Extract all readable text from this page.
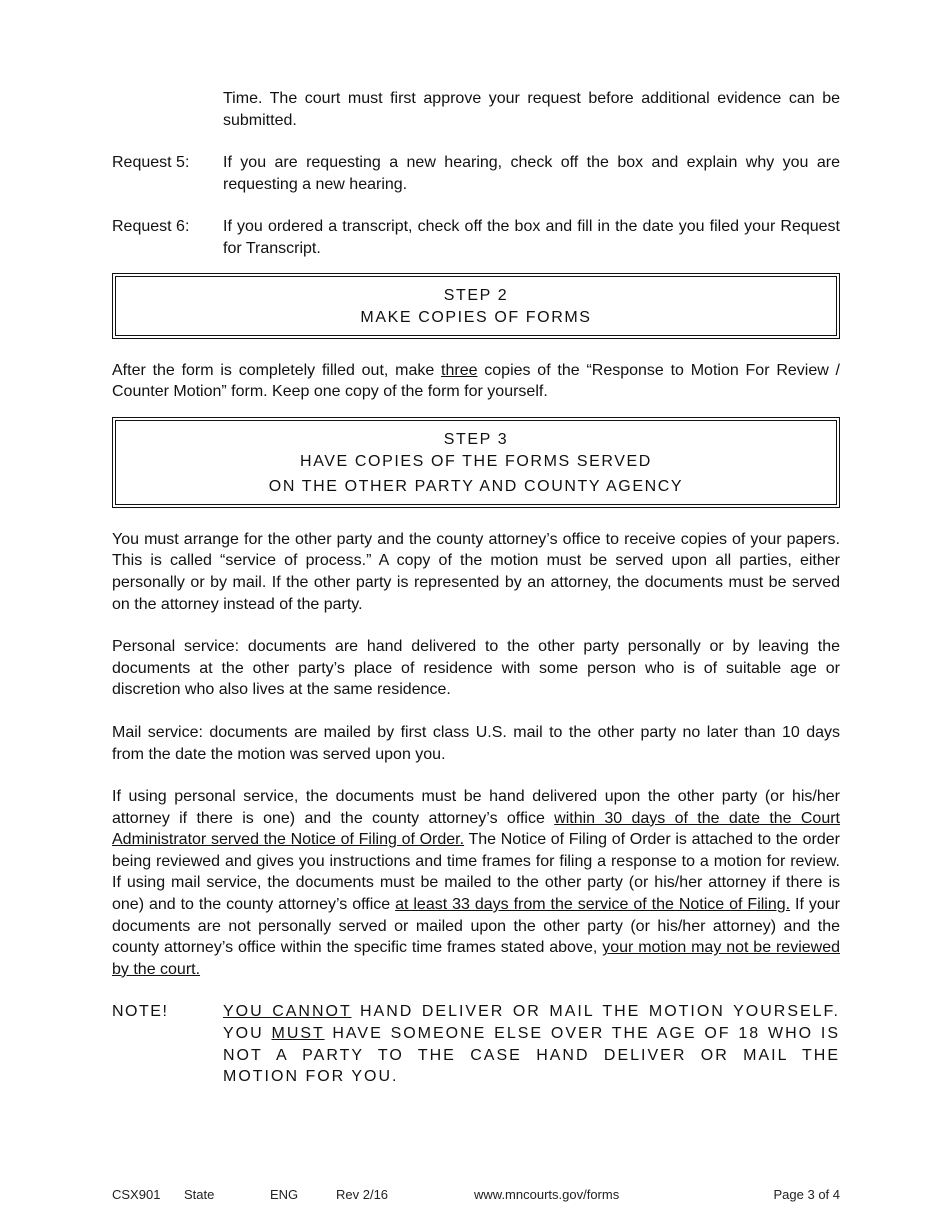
Time. The court must first approve your request before additional evidence can be submitted.

Request 5:	If you are requesting a new hearing, check off the box and explain why you are requesting a new hearing.
Request 6:	If you ordered a transcript, check off the box and fill in the date you filed your Request for Transcript.
STEP 2
MAKE COPIES OF FORMS

After the form is completely filled out, make three copies of the “Response to Motion For Review / Counter Motion” form. Keep one copy of the form for yourself.

STEP 3
HAVE COPIES OF THE FORMS SERVED
ON THE OTHER PARTY AND COUNTY AGENCY

You must arrange for the other party and the county attorney’s office to receive copies of your papers. This is called “service of process.” A copy of the motion must be served upon all parties, either personally or by mail. If the other party is represented by an attorney, the documents must be served on the attorney instead of the party.

Personal service: documents are hand delivered to the other party personally or by leaving the documents at the other party’s place of residence with some person who is of suitable age or discretion who also lives at the same residence.

Mail service: documents are mailed by first class U.S. mail to the other party no later than 10 days from the date the motion was served upon you.

If using personal service, the documents must be hand delivered upon the other party (or his/her attorney if there is one) and the county attorney’s office within 30 days of the date the Court Administrator served the Notice of Filing of Order. The Notice of Filing of Order is attached to the order being reviewed and gives you instructions and time frames for filing a response to a motion for review. If using mail service, the documents must be mailed to the other party (or his/her attorney if there is one) and to the county attorney’s office at least 33 days from the service of the Notice of Filing. If your documents are not personally served or mailed upon the other party (or his/her attorney) and the county attorney’s office within the specific time frames stated above, your motion may not be reviewed by the court.

NOTE!	YOU CANNOT HAND DELIVER OR MAIL THE MOTION YOURSELF. YOU MUST HAVE SOMEONE ELSE OVER THE AGE OF 18 WHO IS NOT A PARTY TO THE CASE HAND DELIVER OR MAIL THE MOTION FOR YOU.
CSX901 State	ENG	Rev 2/16	www.mncourts.gov/forms	Page 3 of 4
